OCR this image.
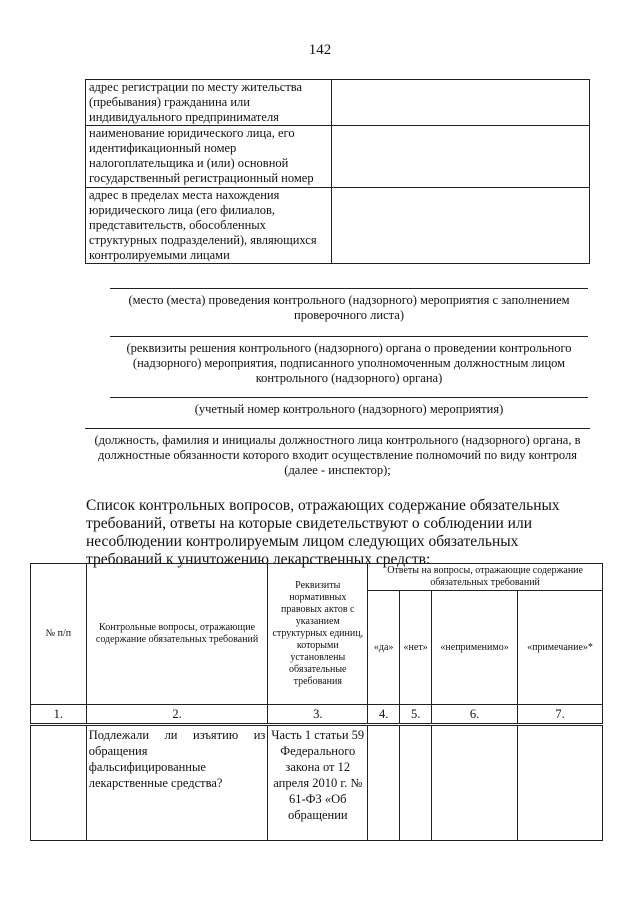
142
адрес регистрации по месту жительства (пребывания) гражданина или индивидуального предпринимателя	
наименование юридического лица, его идентификационный номер налогоплательщика и (или) основной государственный регистрационный номер	
адрес в пределах места нахождения юридического лица (его филиалов, представительств, обособленных структурных подразделений), являющихся контролируемыми лицами	
(место (места) проведения контрольного (надзорного) мероприятия с заполнением проверочного листа)
(реквизиты решения контрольного (надзорного) органа о проведении контрольного (надзорного) мероприятия, подписанного уполномоченным должностным лицом контрольного (надзорного) органа)
(учетный номер контрольного (надзорного) мероприятия)
(должность, фамилия и инициалы должностного лица контрольного (надзорного) органа, в должностные обязанности которого входит осуществление полномочий по виду контроля (далее - инспектор);
Список контрольных вопросов, отражающих содержание обязательных требований, ответы на которые свидетельствуют о соблюдении или несоблюдении контролируемым лицом следующих обязательных требований к уничтожению лекарственных средств:
№ п/п	Контрольные вопросы, отражающие содержание обязательных требований	Реквизиты нормативных правовых актов с указанием структурных единиц, которыми установлены обязательные требования	Ответы на вопросы, отражающие содержание обязательных требований			
			«да»	«нет»	«неприменимо»	«примечание»*
1.	2.	3.	4.	5.	6.	7.
	Подлежали ли изъятию из обращения фальсифицированные лекарственные средства?	Часть 1 статьи 59 Федерального закона от 12 апреля 2010 г. № 61-ФЗ «Об обращении				
